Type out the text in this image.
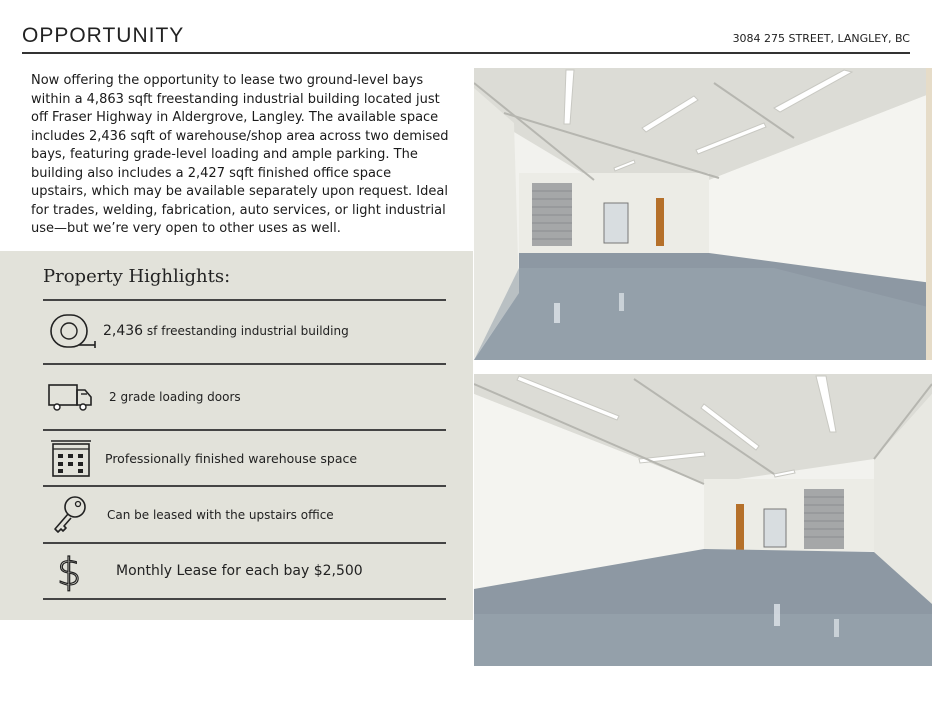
OPPORTUNITY	3084 275 STREET, LANGLEY, BC

Now offering the opportunity to lease two ground-level bays within a 4,863 sqft freestanding industrial building located just off Fraser Highway in Aldergrove, Langley. The available space includes 2,436 sqft of warehouse/shop area across two demised bays, featuring grade-level loading and ample parking. The building also includes a 2,427 sqft finished office space upstairs, which may be available separately upon request. Ideal for trades, welding, fabrication, auto services, or light industrial use—but we’re very open to other uses as well.

Property Highlights:
2,436 sf freestanding industrial building
2 grade loading doors
Professionally finished warehouse space
Can be leased with the upstairs office
$ Monthly Lease for each bay $2,500
